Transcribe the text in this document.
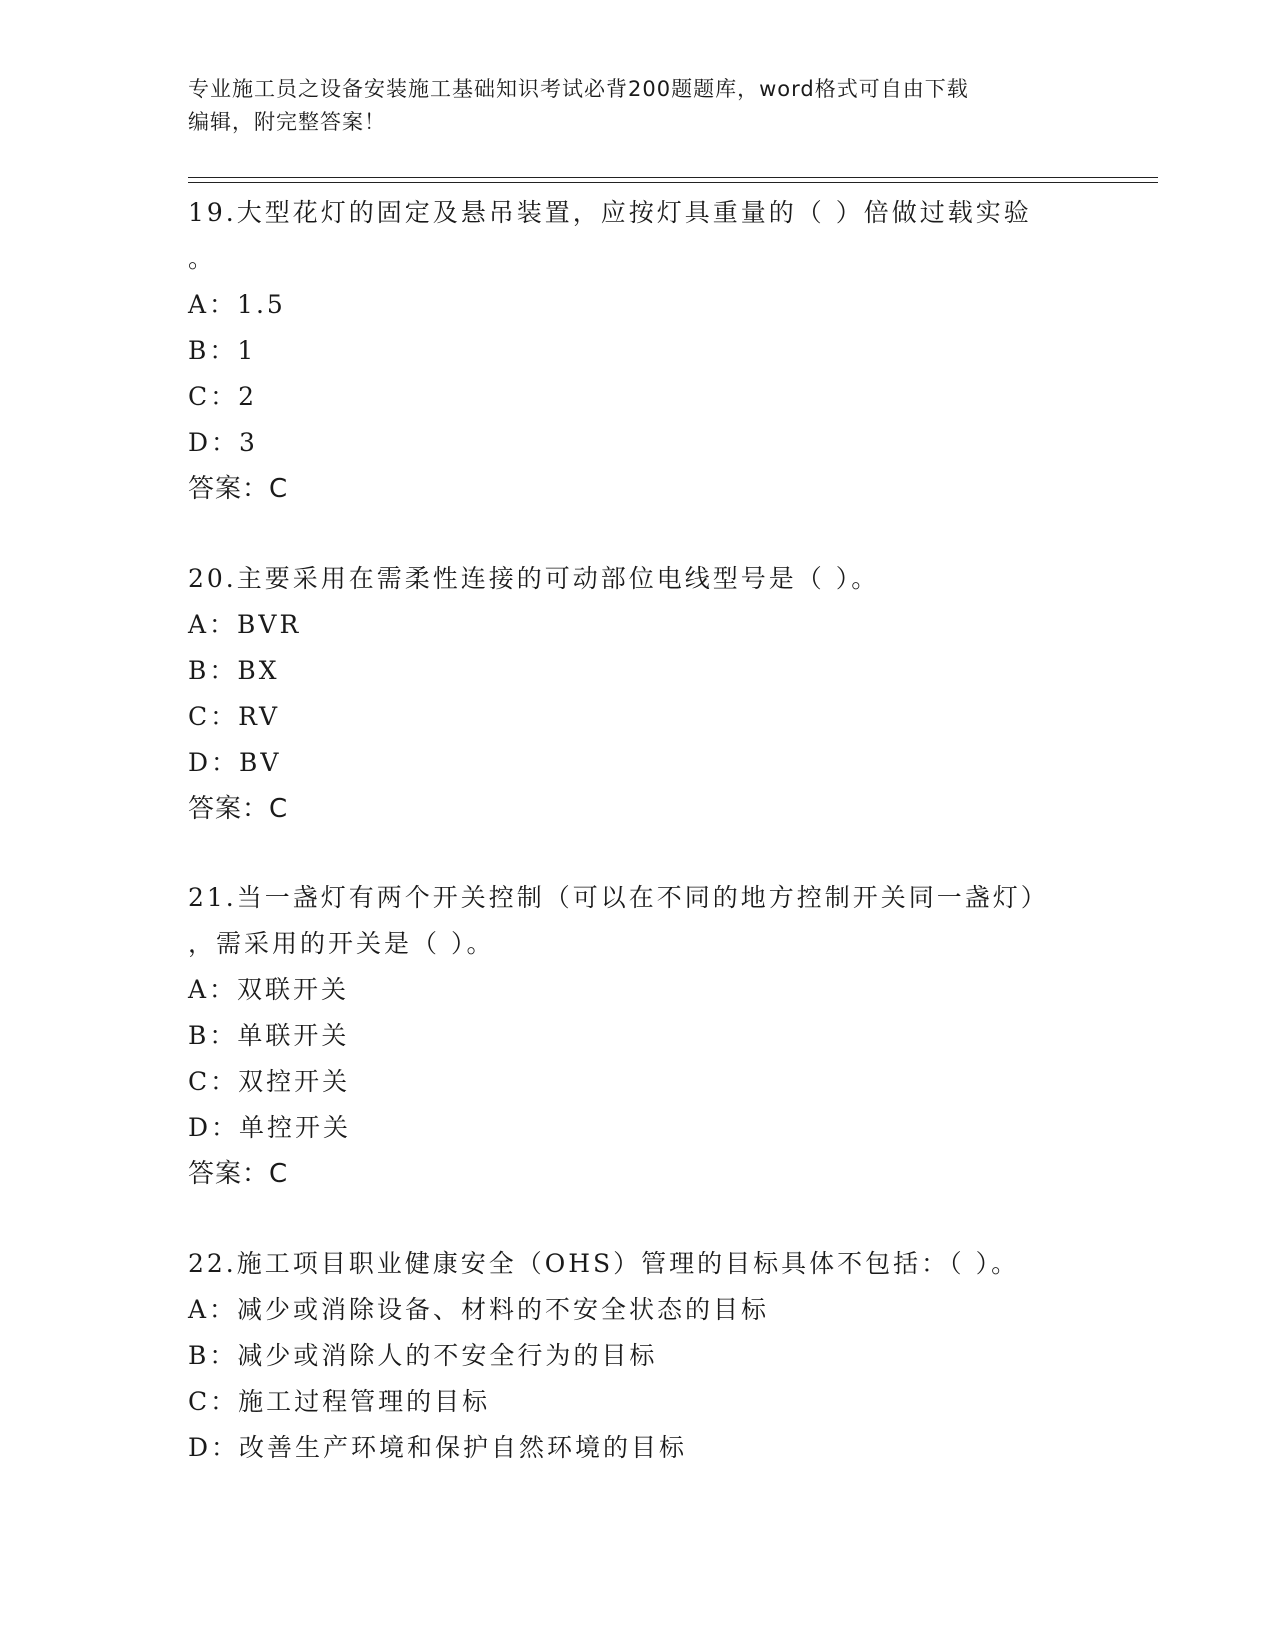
专业施工员之设备安装施工基础知识考试必背200题题库，word格式可自由下载
编辑，附完整答案！
19.大型花灯的固定及悬吊装置，应按灯具重量的（ ）倍做过载实验
。
A：1.5
B：1
C：2
D：3
答案：C
20.主要采用在需柔性连接的可动部位电线型号是（ ）。
A：BVR
B：BX
C：RV
D：BV
答案：C
21.当一盏灯有两个开关控制（可以在不同的地方控制开关同一盏灯）
，需采用的开关是（ ）。
A：双联开关
B：单联开关
C：双控开关
D：单控开关
答案：C
22.施工项目职业健康安全（OHS）管理的目标具体不包括：（ ）。
A：减少或消除设备、材料的不安全状态的目标
B：减少或消除人的不安全行为的目标
C：施工过程管理的目标
D：改善生产环境和保护自然环境的目标
